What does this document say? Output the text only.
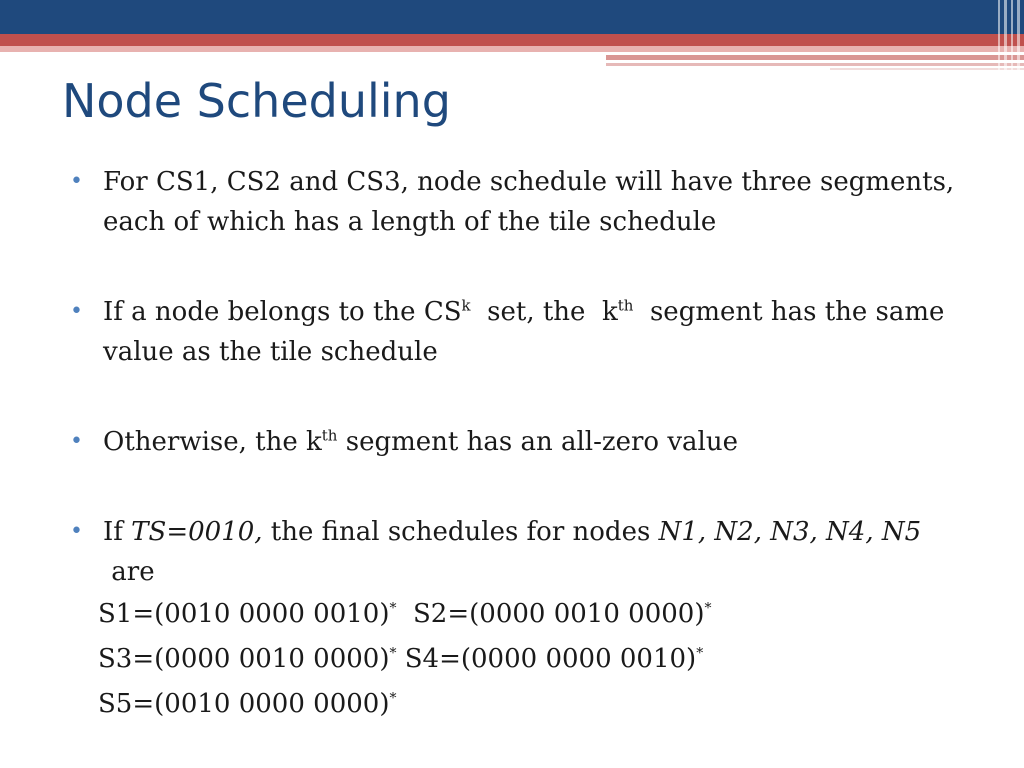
Node Scheduling
• For CS1, CS2 and CS3, node schedule will have three segments, each of which has a length of the tile schedule
• If a node belongs to the $CS^k$  set, the  $k^{th}$  segment has the same value as the tile schedule
• Otherwise, the $k^{th}$ segment has an all-zero value
• If TS=0010, the final schedules for nodes N1, N2, N3, N4, N5 are
S1=(0010 0000 0010)* S2=(0000 0010 0000)*
S3=(0000 0010 0000)* S4=(0000 0000 0010)*
S5=(0010 0000 0000)*
